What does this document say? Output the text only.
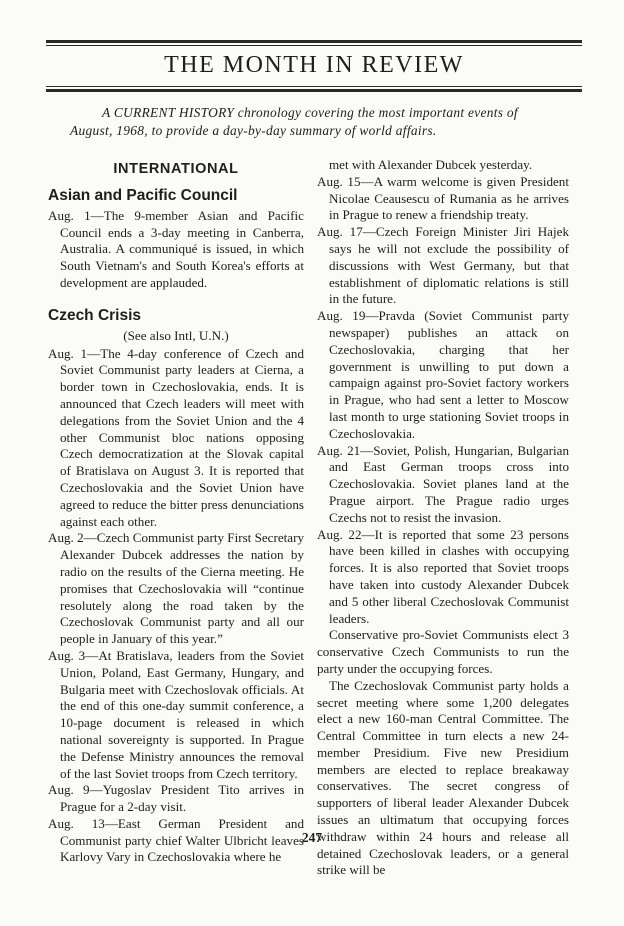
THE MONTH IN REVIEW
A CURRENT HISTORY chronology covering the most important events of August, 1968, to provide a day-by-day summary of world affairs.
INTERNATIONAL
Asian and Pacific Council
Aug. 1—The 9-member Asian and Pacific Council ends a 3-day meeting in Canberra, Australia. A communiqué is issued, in which South Vietnam's and South Korea's efforts at development are applauded.
Czech Crisis
(See also Intl, U.N.)
Aug. 1—The 4-day conference of Czech and Soviet Communist party leaders at Cierna, a border town in Czechoslovakia, ends. It is announced that Czech leaders will meet with delegations from the Soviet Union and the 4 other Communist bloc nations opposing Czech democratization at the Slovak capital of Bratislava on August 3. It is reported that Czechoslovakia and the Soviet Union have agreed to reduce the bitter press denunciations against each other.
Aug. 2—Czech Communist party First Secretary Alexander Dubcek addresses the nation by radio on the results of the Cierna meeting. He promises that Czechoslovakia will “continue resolutely along the road taken by the Czechoslovak Communist party and all our people in January of this year.”
Aug. 3—At Bratislava, leaders from the Soviet Union, Poland, East Germany, Hungary, and Bulgaria meet with Czechoslovak officials. At the end of this one-day summit conference, a 10-page document is released in which national sovereignty is supported. In Prague the Defense Ministry announces the removal of the last Soviet troops from Czech territory.
Aug. 9—Yugoslav President Tito arrives in Prague for a 2-day visit.
Aug. 13—East German President and Communist party chief Walter Ulbricht leaves Karlovy Vary in Czechoslovakia where he
met with Alexander Dubcek yesterday.
Aug. 15—A warm welcome is given President Nicolae Ceausescu of Rumania as he arrives in Prague to renew a friendship treaty.
Aug. 17—Czech Foreign Minister Jiri Hajek says he will not exclude the possibility of discussions with West Germany, but that establishment of diplomatic relations is still in the future.
Aug. 19—Pravda (Soviet Communist party newspaper) publishes an attack on Czechoslovakia, charging that her government is unwilling to put down a campaign against pro-Soviet factory workers in Prague, who had sent a letter to Moscow last month to urge stationing Soviet troops in Czechoslovakia.
Aug. 21—Soviet, Polish, Hungarian, Bulgarian and East German troops cross into Czechoslovakia. Soviet planes land at the Prague airport. The Prague radio urges Czechs not to resist the invasion.
Aug. 22—It is reported that some 23 persons have been killed in clashes with occupying forces. It is also reported that Soviet troops have taken into custody Alexander Dubcek and 5 other liberal Czechoslovak Communist leaders.
Conservative pro-Soviet Communists elect 3 conservative Czech Communists to run the party under the occupying forces.
The Czechoslovak Communist party holds a secret meeting where some 1,200 delegates elect a new 160-man Central Committee. The Central Committee in turn elects a new 24-member Presidium. Five new Presidium members are elected to replace breakaway conservatives. The secret congress of supporters of liberal leader Alexander Dubcek issues an ultimatum that occupying forces withdraw within 24 hours and release all detained Czechoslovak leaders, or a general strike will be
247
